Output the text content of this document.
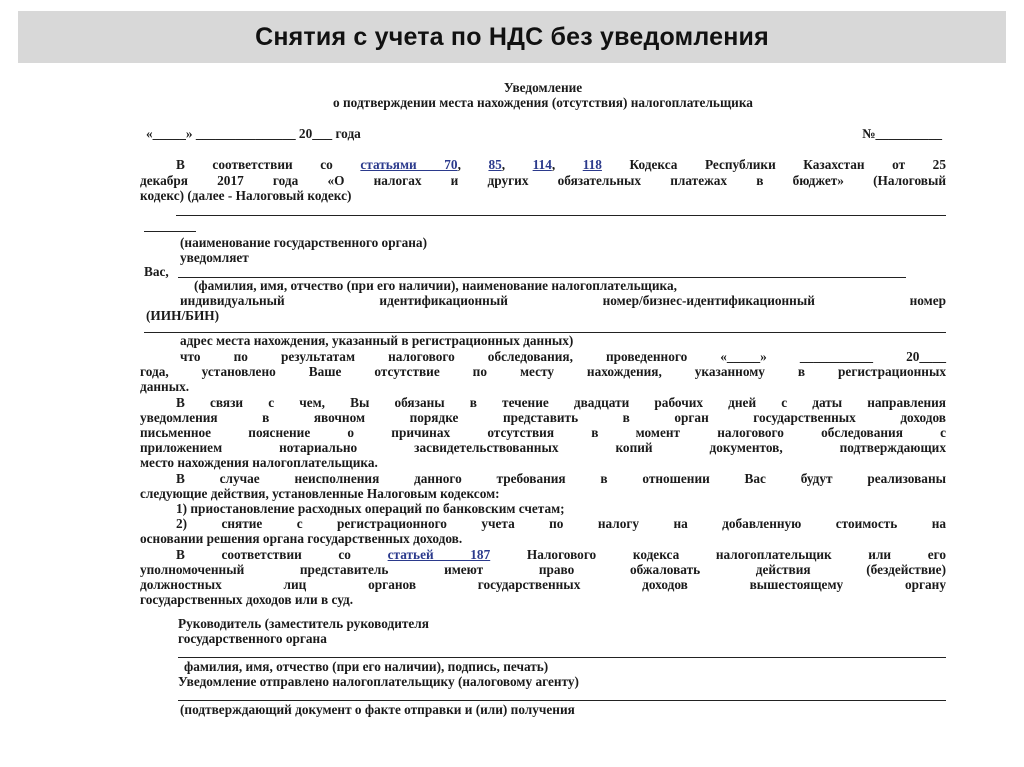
Снятия с учета по НДС без уведомления
Уведомление
о подтверждении места нахождения (отсутствия) налогоплательщика
«_____» _______________ 20___ года	№__________
В соответствии со статьями 70, 85, 114, 118 Кодекса Республики Казахстан от 25
декабря 2017 года «О налогах и других обязательных платежах в бюджет» (Налоговый
кодекс) (далее - Налоговый кодекс)
(наименование государственного органа)
уведомляет
Вас,
(фамилия, имя, отчество (при его наличии), наименование налогоплательщика,
индивидуальный идентификационный номер/бизнес-идентификационный номер
(ИИН/БИН)
адрес места нахождения, указанный в регистрационных данных)
что по результатам налогового обследования, проведенного «_____» ___________ 20____
года, установлено Ваше отсутствие по месту нахождения, указанному в регистрационных
данных.
В связи с чем, Вы обязаны в течение двадцати рабочих дней с даты направления
уведомления в явочном порядке представить в орган государственных доходов
письменное пояснение о причинах отсутствия в момент налогового обследования с
приложением нотариально засвидетельствованных копий документов, подтверждающих
место нахождения налогоплательщика.
В случае неисполнения данного требования в отношении Вас будут реализованы
следующие действия, установленные Налоговым кодексом:
1) приостановление расходных операций по банковским счетам;
2) снятие с регистрационного учета по налогу на добавленную стоимость на
основании решения органа государственных доходов.
В соответствии со статьей 187 Налогового кодекса налогоплательщик или его
уполномоченный представитель имеют право обжаловать действия (бездействие)
должностных лиц органов государственных доходов вышестоящему органу
государственных доходов или в суд.
Руководитель (заместитель руководителя
государственного органа
фамилия, имя, отчество (при его наличии), подпись, печать)
Уведомление отправлено налогоплательщику (налоговому агенту)
(подтверждающий документ о факте отправки и (или) получения
